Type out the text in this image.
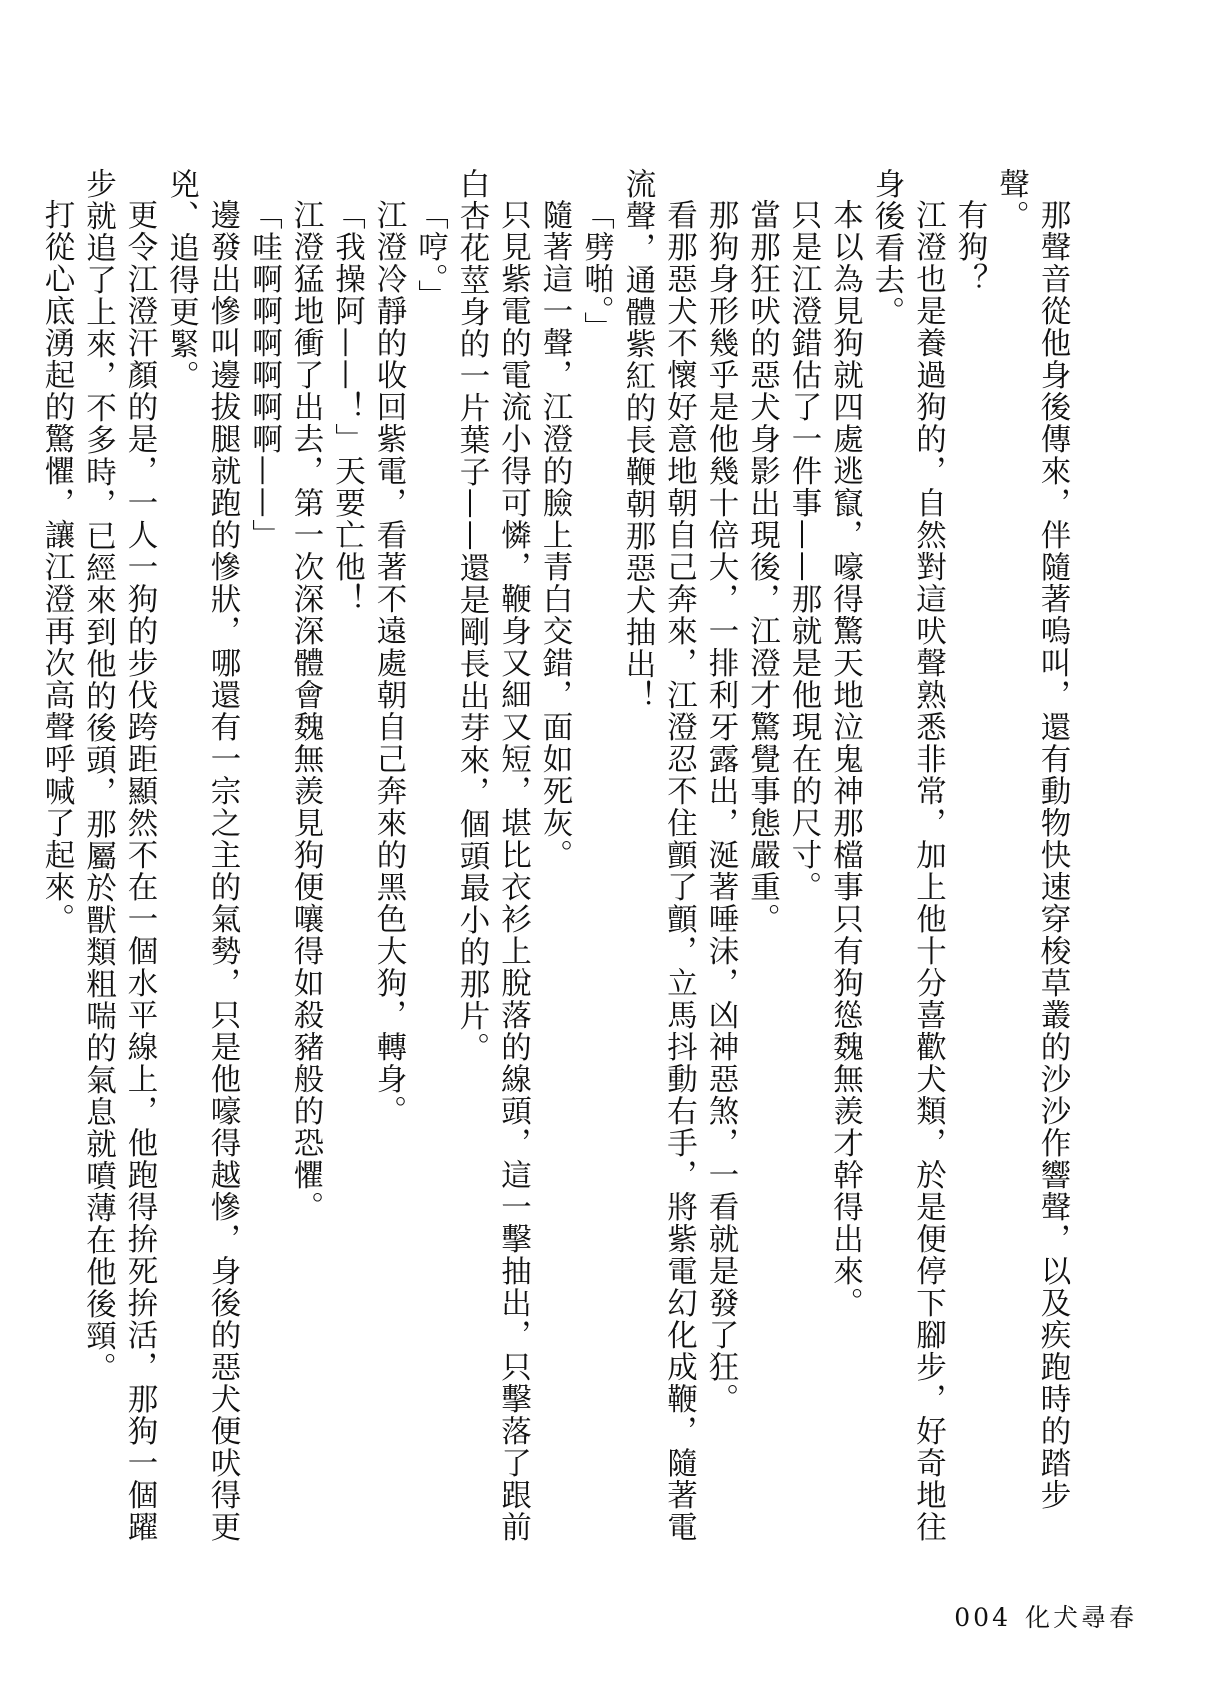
那聲音從他身後傳來，伴隨著嗚叫，還有動物快速穿梭草叢的沙沙作響聲，以及疾跑時的踏步聲。

有狗？

江澄也是養過狗的，自然對這吠聲熟悉非常，加上他十分喜歡犬類，於是便停下腳步，好奇地往身後看去。

本以為見狗就四處逃竄，嚎得驚天地泣鬼神那檔事只有狗慫魏無羨才幹得出來。

只是江澄錯估了一件事——那就是他現在的尺寸。

當那狂吠的惡犬身影出現後，江澄才驚覺事態嚴重。

那狗身形幾乎是他幾十倍大，一排利牙露出，涎著唾沫，凶神惡煞，一看就是發了狂。

看那惡犬不懷好意地朝自己奔來，江澄忍不住顫了顫，立馬抖動右手，將紫電幻化成鞭，隨著電流聲，通體紫紅的長鞭朝那惡犬抽出！

「劈啪。」

隨著這一聲，江澄的臉上青白交錯，面如死灰。

只見紫電的電流小得可憐，鞭身又細又短，堪比衣衫上脫落的線頭，這一擊抽出，只擊落了跟前白杏花莖身的一片葉子——還是剛長出芽來，個頭最小的那片。

「哼。」

江澄冷靜的收回紫電，看著不遠處朝自己奔來的黑色大狗，轉身。

「我操阿——！」天要亡他！

江澄猛地衝了出去，第一次深深體會魏無羨見狗便嚷得如殺豬般的恐懼。

「哇啊啊啊啊啊啊——」

邊發出慘叫邊拔腿就跑的慘狀，哪還有一宗之主的氣勢，只是他嚎得越慘，身後的惡犬便吠得更兇、追得更緊。

更令江澄汗顏的是，一人一狗的步伐跨距顯然不在一個水平線上，他跑得拚死拚活，那狗一個躍步就追了上來，不多時，已經來到他的後頭，那屬於獸類粗喘的氣息就噴薄在他後頸。

打從心底湧起的驚懼，讓江澄再次高聲呼喊了起來。

004 化犬尋春
